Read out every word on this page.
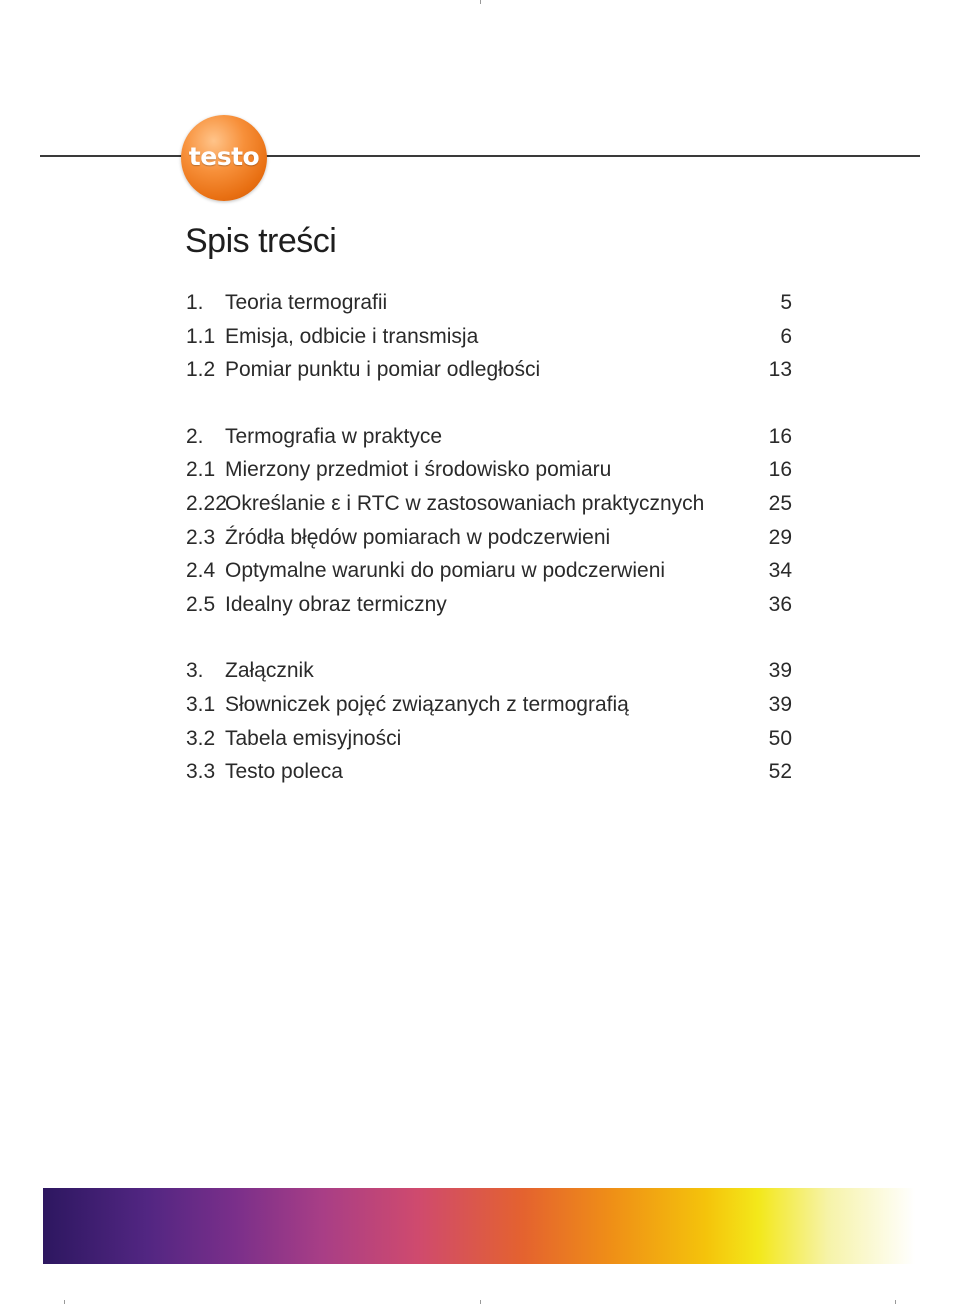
testo
Spis treści
1. Teoria termografii	5
1.1 Emisja, odbicie i transmisja	6
1.2 Pomiar punktu i pomiar odległości	13
2. Termografia w praktyce	16
2.1 Mierzony przedmiot i środowisko pomiaru	16
2.22Określanie ε i RTC w zastosowaniach praktycznych	25
2.3 Źródła błędów pomiarach w podczerwieni	29
2.4 Optymalne warunki do pomiaru w podczerwieni	34
2.5 Idealny obraz termiczny	36
3. Załącznik	39
3.1 Słowniczek pojęć związanych z termografią	39
3.2 Tabela emisyjności	50
3.3 Testo poleca	52
